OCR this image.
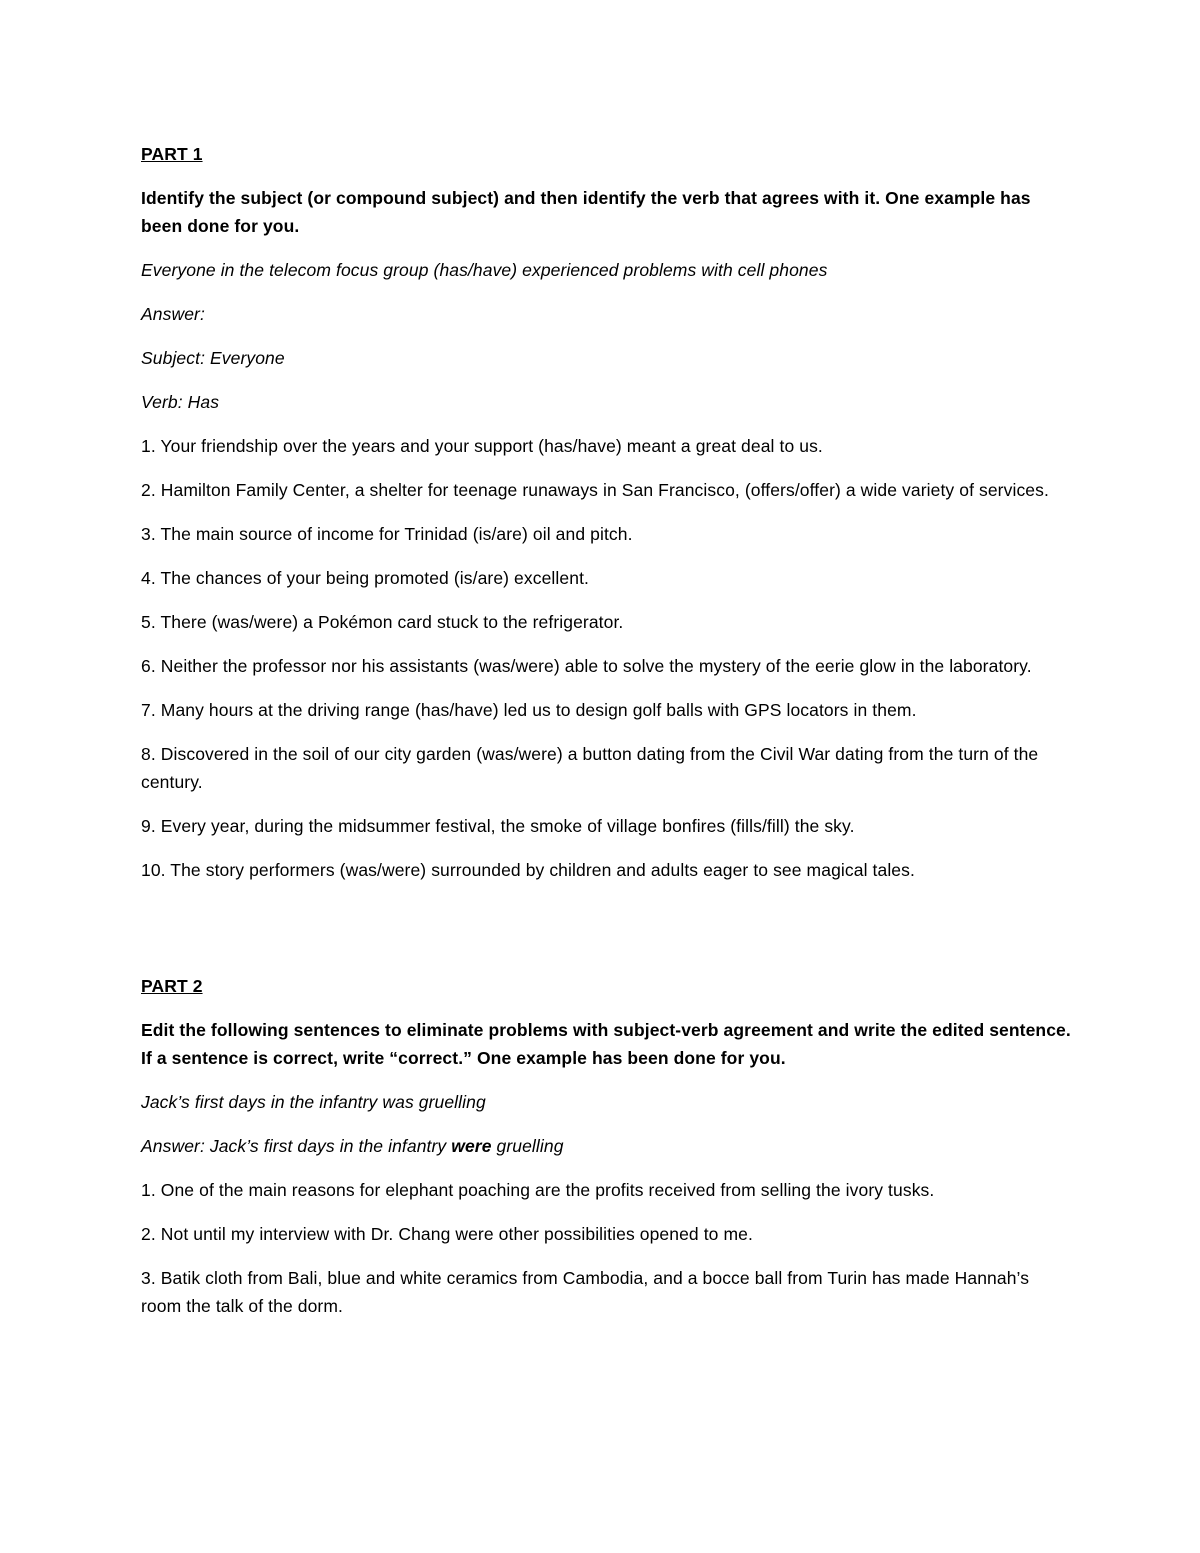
PART 1

Identify the subject (or compound subject) and then identify the verb that agrees with it. One example has been done for you.

Everyone in the telecom focus group (has/have) experienced problems with cell phones

Answer:

Subject: Everyone

Verb: Has

1. Your friendship over the years and your support (has/have) meant a great deal to us.

2. Hamilton Family Center, a shelter for teenage runaways in San Francisco, (offers/offer) a wide variety of services.

3. The main source of income for Trinidad (is/are) oil and pitch.

4. The chances of your being promoted (is/are) excellent.

5. There (was/were) a Pokémon card stuck to the refrigerator.

6. Neither the professor nor his assistants (was/were) able to solve the mystery of the eerie glow in the laboratory.

7. Many hours at the driving range (has/have) led us to design golf balls with GPS locators in them.

8. Discovered in the soil of our city garden (was/were) a button dating from the Civil War dating from the turn of the century.

9. Every year, during the midsummer festival, the smoke of village bonfires (fills/fill) the sky.

10. The story performers (was/were) surrounded by children and adults eager to see magical tales.

PART 2

Edit the following sentences to eliminate problems with subject-verb agreement and write the edited sentence. If a sentence is correct, write “correct.” One example has been done for you.

Jack’s first days in the infantry was gruelling

Answer: Jack’s first days in the infantry were gruelling

1. One of the main reasons for elephant poaching are the profits received from selling the ivory tusks.

2. Not until my interview with Dr. Chang were other possibilities opened to me.

3. Batik cloth from Bali, blue and white ceramics from Cambodia, and a bocce ball from Turin has made Hannah’s room the talk of the dorm.
